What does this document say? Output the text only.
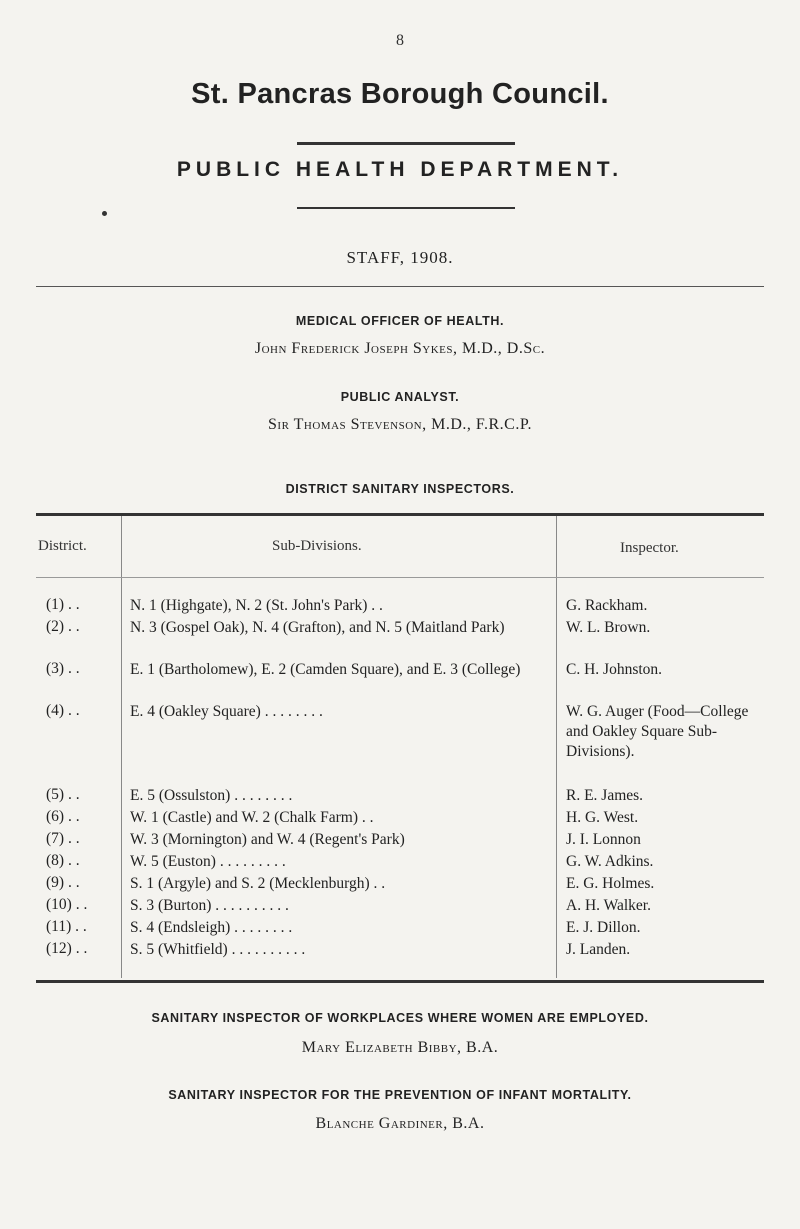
8
St. Pancras Borough Council.
PUBLIC HEALTH DEPARTMENT.
STAFF, 1908.
MEDICAL OFFICER OF HEALTH.
John Frederick Joseph Sykes, M.D., D.Sc.
PUBLIC ANALYST.
Sir Thomas Stevenson, M.D., F.R.C.P.
DISTRICT SANITARY INSPECTORS.
District.	Sub-Divisions.	Inspector.
(1) . .	N. 1 (Highgate), N. 2 (St. John's Park) . .	G. Rackham.
(2) . .	N. 3 (Gospel Oak), N. 4 (Grafton), and N. 5 (Maitland Park)	W. L. Brown.
(3) . .	E. 1 (Bartholomew), E. 2 (Camden Square), and E. 3 (College)	C. H. Johnston.
(4) . .	E. 4 (Oakley Square) . . . . . . . .	W. G. Auger (Food—College and Oakley Square Sub-Divisions).
(5) . .	E. 5 (Ossulston) . . . . . . . .	R. E. James.
(6) . .	W. 1 (Castle) and W. 2 (Chalk Farm) . .	H. G. West.
(7) . .	W. 3 (Mornington) and W. 4 (Regent's Park)	J. I. Lonnon
(8) . .	W. 5 (Euston) . . . . . . . . .	G. W. Adkins.
(9) . .	S. 1 (Argyle) and S. 2 (Mecklenburgh) . .	E. G. Holmes.
(10) . .	S. 3 (Burton) . . . . . . . . . .	A. H. Walker.
(11) . .	S. 4 (Endsleigh) . . . . . . . .	E. J. Dillon.
(12) . .	S. 5 (Whitfield) . . . . . . . . . .	J. Landen.
SANITARY INSPECTOR OF WORKPLACES WHERE WOMEN ARE EMPLOYED.
Mary Elizabeth Bibby, B.A.
SANITARY INSPECTOR FOR THE PREVENTION OF INFANT MORTALITY.
Blanche Gardiner, B.A.
